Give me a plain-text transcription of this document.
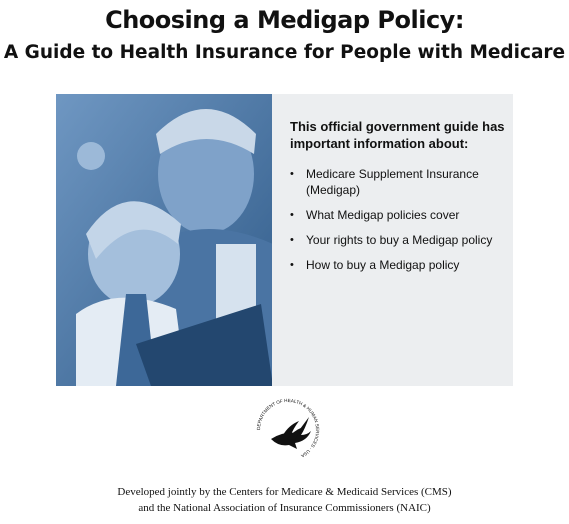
Choosing a Medigap Policy:
A Guide to Health Insurance for People with Medicare
This official government guide has important information about:
• Medicare Supplement Insurance (Medigap)
• What Medigap policies cover
• Your rights to buy a Medigap policy
• How to buy a Medigap policy
DEPARTMENT OF HEALTH & HUMAN SERVICES · USA
Developed jointly by the Centers for Medicare & Medicaid Services (CMS)
and the National Association of Insurance Commissioners (NAIC)
